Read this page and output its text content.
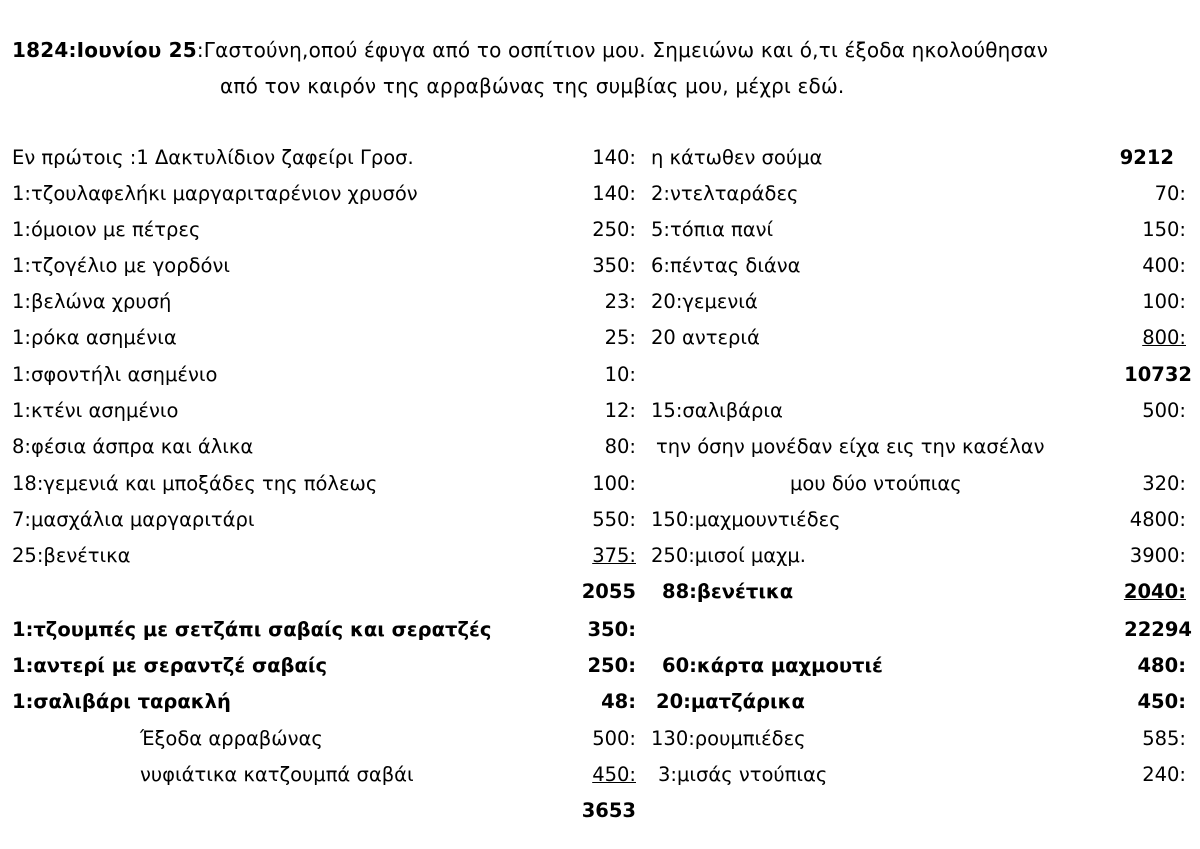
1824:Ιουνίου 25:Γαστούνη,οπού έφυγα από το οσπίτιον μου. Σημειώνω και ό,τι έξοδα ηκολούθησαν
από τον καιρόν της αρραβώνας της συμβίας μου, μέχρι εδώ.
Εν πρώτοις :1 Δακτυλίδιον ζαφείρι Γροσ.	140:
1:τζουλαφελήκι μαργαριταρένιον χρυσόν	140:
1:όμοιον με πέτρες	250:
1:τζογέλιο με γορδόνι	350:
1:βελώνα χρυσή	23:
1:ρόκα ασημένια	25:
1:σφοντήλι ασημένιο	10:
1:κτένι ασημένιο	12:
8:φέσια άσπρα και άλικα	80:
18:γεμενιά και μποξάδες της πόλεως	100:
7:μασχάλια μαργαριτάρι	550:
25:βενέτικα	375:
2055
1:τζουμπές με σετζάπι σαβαίς και σερατζές	350:
1:αντερί με σεραντζέ σαβαίς	250:
1:σαλιβάρι ταρακλή	48:
Έξοδα αρραβώνας	500:
νυφιάτικα κατζουμπά σαβάι	450:
3653
η κάτωθεν σούμα	9212
2:ντελταράδες	70:
5:τόπια πανί	150:
6:πέντας διάνα	400:
20:γεμενιά	100:
20 αντεριά	800:
10732
15:σαλιβάρια	500:
την όσην μονέδαν είχα εις την κασέλαν
μου δύο ντούπιας	320:
150:μαχμουντιέδες	4800:
250:μισοί μαχμ.	3900:
88:βενέτικα	2040:
22294
60:κάρτα μαχμουτιέ	480:
20:ματζάρικα	450:
130:ρουμπιέδες	585:
3:μισάς ντούπιας	240:
